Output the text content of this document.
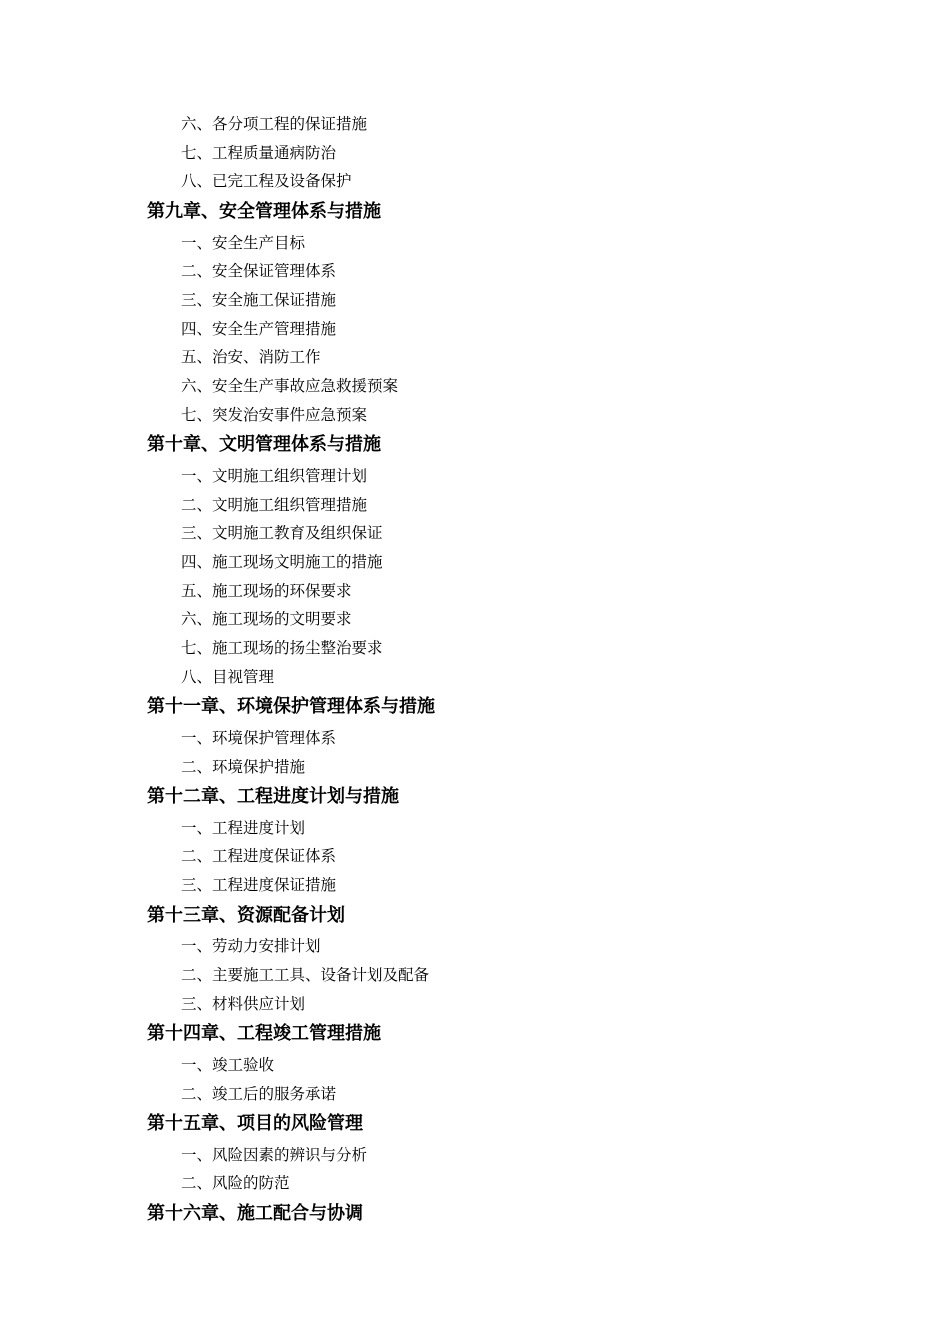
六、各分项工程的保证措施
七、工程质量通病防治
八、已完工程及设备保护
第九章、安全管理体系与措施
一、安全生产目标
二、安全保证管理体系
三、安全施工保证措施
四、安全生产管理措施
五、治安、消防工作
六、安全生产事故应急救援预案
七、突发治安事件应急预案
第十章、文明管理体系与措施
一、文明施工组织管理计划
二、文明施工组织管理措施
三、文明施工教育及组织保证
四、施工现场文明施工的措施
五、施工现场的环保要求
六、施工现场的文明要求
七、施工现场的扬尘整治要求
八、目视管理
第十一章、环境保护管理体系与措施
一、环境保护管理体系
二、环境保护措施
第十二章、工程进度计划与措施
一、工程进度计划
二、工程进度保证体系
三、工程进度保证措施
第十三章、资源配备计划
一、劳动力安排计划
二、主要施工工具、设备计划及配备
三、材料供应计划
第十四章、工程竣工管理措施
一、竣工验收
二、竣工后的服务承诺
第十五章、项目的风险管理
一、风险因素的辨识与分析
二、风险的防范
第十六章、施工配合与协调
